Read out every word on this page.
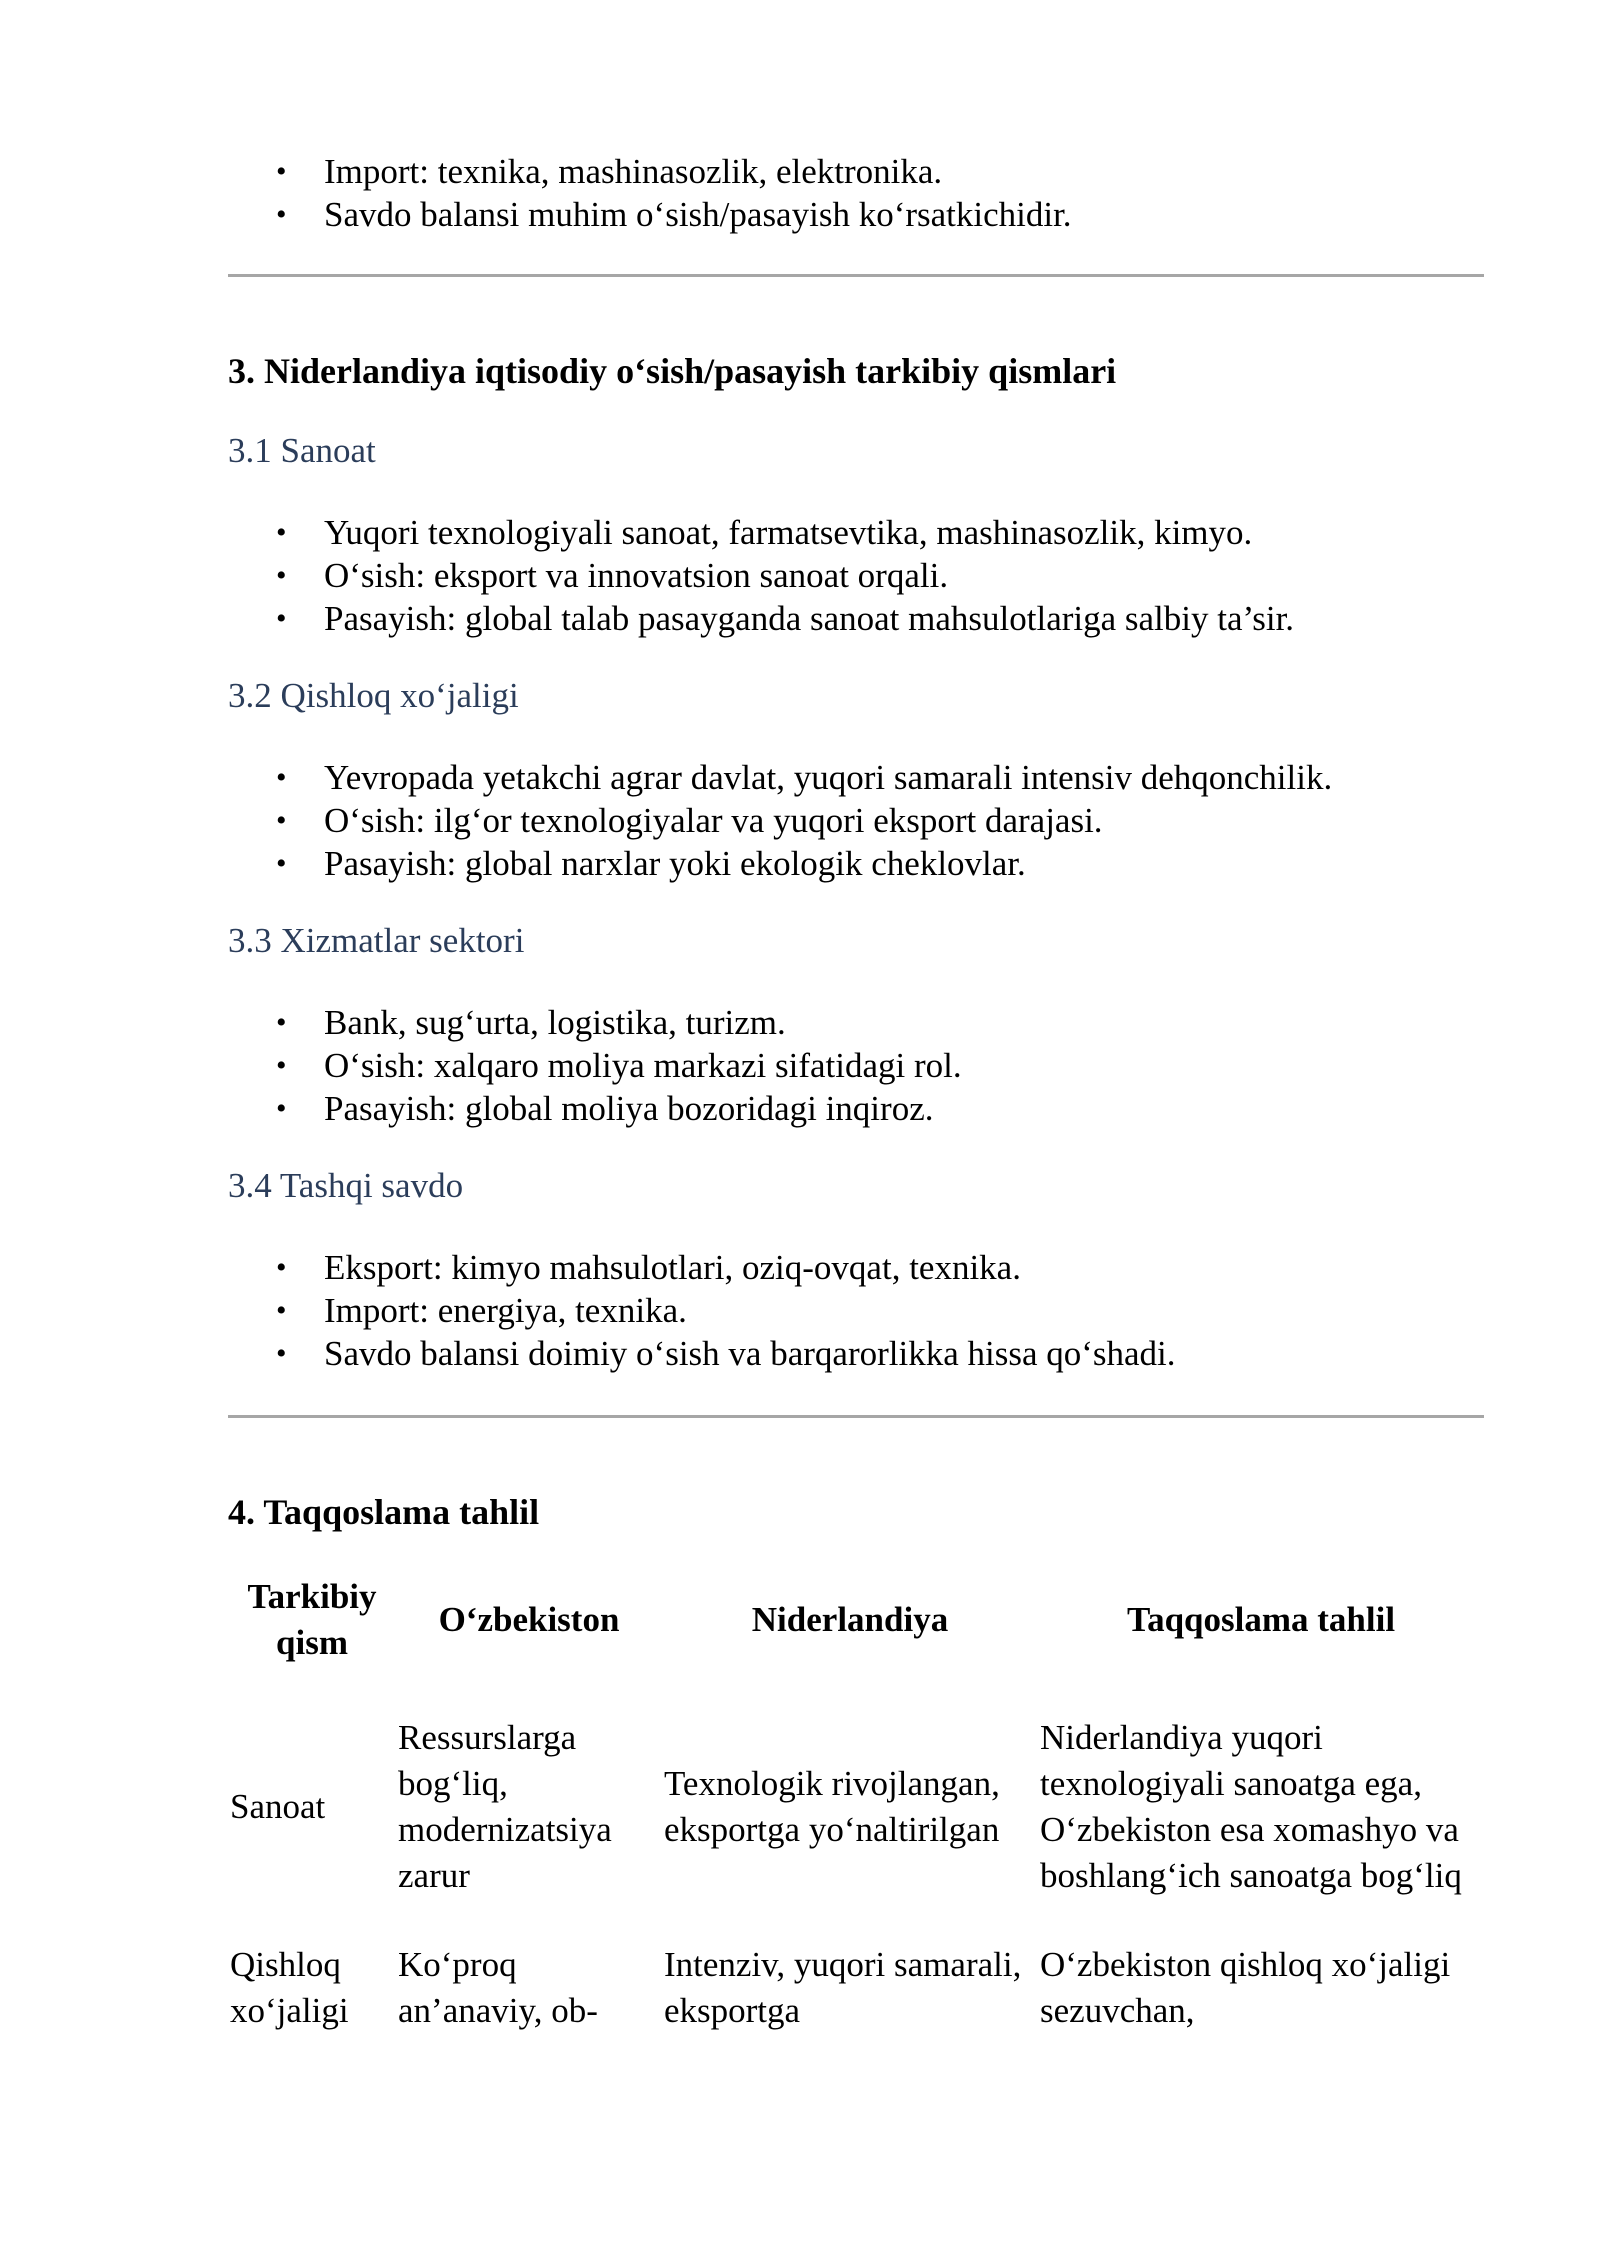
• Import: texnika, mashinasozlik, elektronika.
• Savdo balansi muhim o‘sish/pasayish ko‘rsatkichidir.
3. Niderlandiya iqtisodiy o‘sish/pasayish tarkibiy qismlari
3.1 Sanoat
• Yuqori texnologiyali sanoat, farmatsevtika, mashinasozlik, kimyo.
• O‘sish: eksport va innovatsion sanoat orqali.
• Pasayish: global talab pasayganda sanoat mahsulotlariga salbiy ta’sir.
3.2 Qishloq xo‘jaligi
• Yevropada yetakchi agrar davlat, yuqori samarali intensiv dehqonchilik.
• O‘sish: ilg‘or texnologiyalar va yuqori eksport darajasi.
• Pasayish: global narxlar yoki ekologik cheklovlar.
3.3 Xizmatlar sektori
• Bank, sug‘urta, logistika, turizm.
• O‘sish: xalqaro moliya markazi sifatidagi rol.
• Pasayish: global moliya bozoridagi inqiroz.
3.4 Tashqi savdo
• Eksport: kimyo mahsulotlari, oziq-ovqat, texnika.
• Import: energiya, texnika.
• Savdo balansi doimiy o‘sish va barqarorlikka hissa qo‘shadi.
4. Taqqoslama tahlil
Tarkibiy qism	O‘zbekiston	Niderlandiya	Taqqoslama tahlil
Sanoat	Ressurslarga bog‘liq, modernizatsiya zarur	Texnologik rivojlangan, eksportga yo‘naltirilgan	Niderlandiya yuqori texnologiyali sanoatga ega, O‘zbekiston esa xomashyo va boshlang‘ich sanoatga bog‘liq
Qishloq xo‘jaligi	Ko‘proq an’anaviy, ob-	Intenziv, yuqori samarali, eksportga	O‘zbekiston qishloq xo‘jaligi sezuvchan,
